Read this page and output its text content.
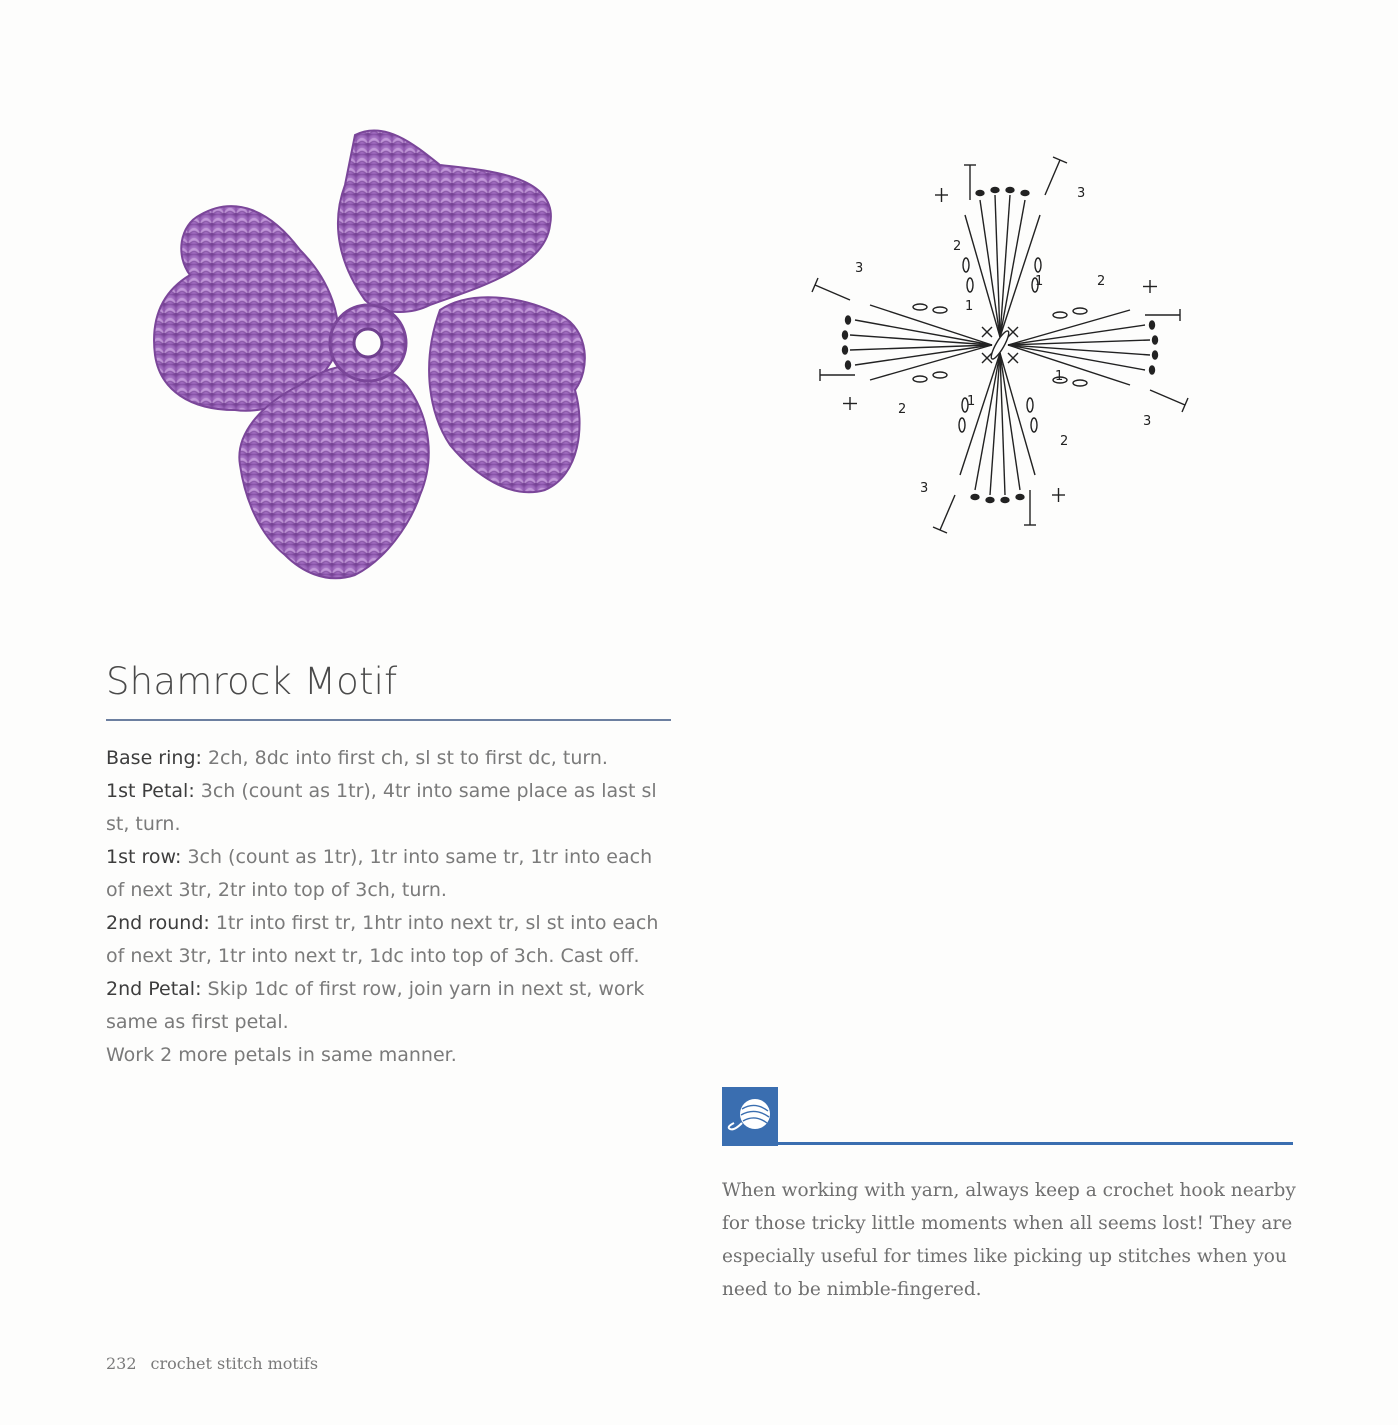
1
2
3
3
1
2
1
2
3
1
2
3
Shamrock Motif

Base ring: 2ch, 8dc into first ch, sl st to first dc, turn.

1st Petal: 3ch (count as 1tr), 4tr into same place as last sl st, turn.

1st row: 3ch (count as 1tr), 1tr into same tr, 1tr into each of next 3tr, 2tr into top of 3ch, turn.

2nd round: 1tr into first tr, 1htr into next tr, sl st into each of next 3tr, 1tr into next tr, 1dc into top of 3ch. Cast off.

2nd Petal: Skip 1dc of first row, join yarn in next st, work same as first petal.

Work 2 more petals in same manner.

When working with yarn, always keep a crochet hook nearby for those tricky little moments when all seems lost! They are especially useful for times like picking up stitches when you need to be nimble-fingered.
232 crochet stitch motifs
